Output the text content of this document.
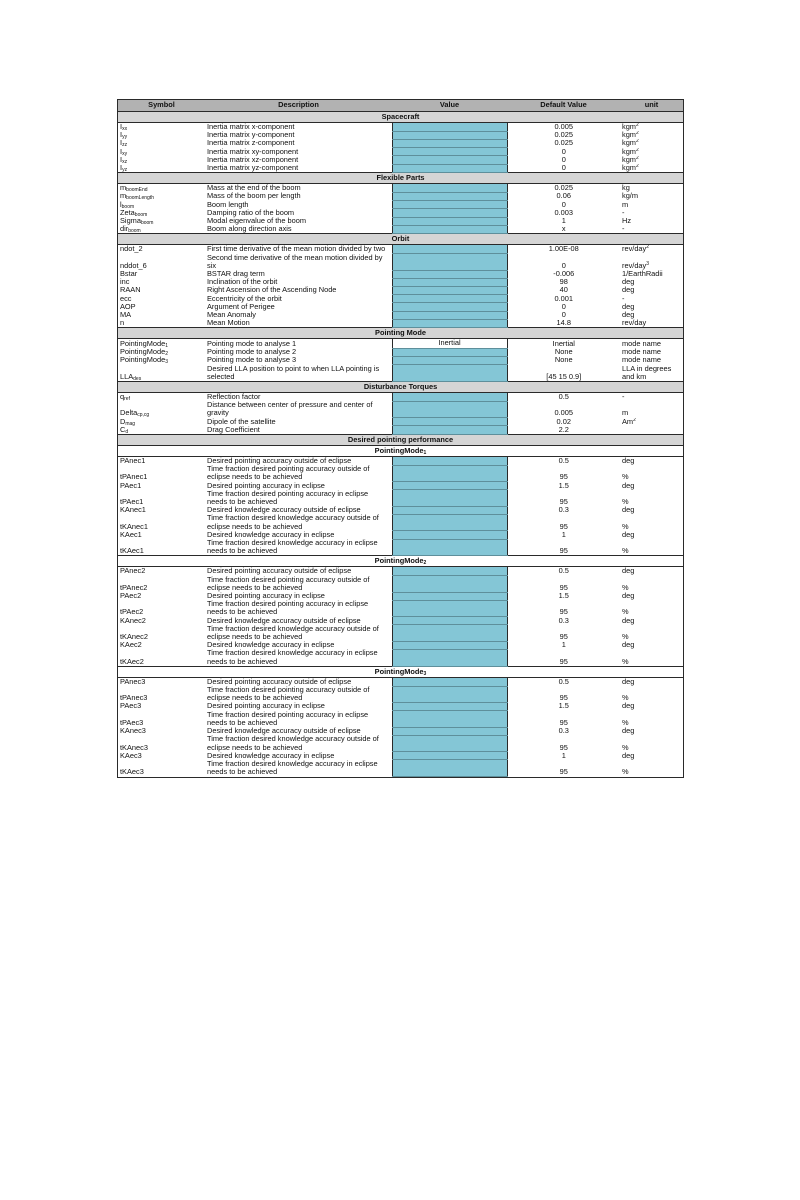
Symbol	Description	Value	Default Value	unit
Spacecraft				
$I_{xx}$	Inertia matrix x-component		0.005	kgm$^2$
$I_{yy}$	Inertia matrix y-component		0.025	kgm$^2$
$I_{zz}$	Inertia matrix z-component		0.025	kgm$^2$
$I_{xy}$	Inertia matrix xy-component		0	kgm$^2$
$I_{xz}$	Inertia matrix xz-component		0	kgm$^2$
$I_{yz}$	Inertia matrix yz-component		0	kgm$^2$
Flexible Parts				
$m_{boomEnd}$	Mass at the end of the boom		0.025	kg
$m_{boomLength}$	Mass of the boom per length		0.06	kg/m
$l_{boom}$	Boom length		0	m
Zeta$_{boom}$	Damping ratio of the boom		0.003	-
Sigma$_{boom}$	Modal eigenvalue of the boom		1	Hz
dir$_{boom}$	Boom along direction axis		x	-
Orbit				
ndot_2	First time derivative of the mean motion divided by two		1.00E-08	rev/day$^2$
nddot_6	Second time derivative of the mean motion divided by six		0	rev/day$^3$
Bstar	BSTAR drag term		-0.006	1/EarthRadii
inc	Inclination of the orbit		98	deg
RAAN	Right Ascension of the Ascending Node		40	deg
ecc	Eccentricity of the orbit		0.001	-
AOP	Argument of Perigee		0	deg
MA	Mean Anomaly		0	deg
n	Mean Motion		14.8	rev/day
Pointing Mode				
PointingMode$_1$	Pointing mode to analyse 1	Inertial	Inertial	mode name
PointingMode$_2$	Pointing mode to analyse 2		None	mode name
PointingMode$_3$	Pointing mode to analyse 3		None	mode name
$LLA_{des}$	Desired LLA position to point to when LLA pointing is selected		[45 15 0.9]	LLA in degrees and km
Disturbance Torques				
$q_{ref}$	Reflection factor		0.5	-
Delta$_{cp,cg}$	Distance between center of pressure and center of gravity		0.005	m
$D_{mag}$	Dipole of the satellite		0.02	Am$^2$
$C_d$	Drag Coefficient		2.2	
Desired pointing performance				
PointingMode$_1$
PAnec1	Desired pointing accuracy outside of eclipse		0.5	deg
tPAnec1	Time fraction desired pointing accuracy outside of eclipse needs to be achieved		95	%
PAec1	Desired pointing accuracy in eclipse		1.5	deg
tPAec1	Time fraction desired pointing accuracy in eclipse needs to be achieved		95	%
KAnec1	Desired knowledge accuracy outside of eclipse		0.3	deg
tKAnec1	Time fraction desired knowledge accuracy outside of eclipse needs to be achieved		95	%
KAec1	Desired knowledge accuracy in eclipse		1	deg
tKAec1	Time fraction desired knowledge accuracy in eclipse needs to be achieved		95	%
PointingMode$_2$
PAnec2	Desired pointing accuracy outside of eclipse		0.5	deg
tPAnec2	Time fraction desired pointing accuracy outside of eclipse needs to be achieved		95	%
PAec2	Desired pointing accuracy in eclipse		1.5	deg
tPAec2	Time fraction desired pointing accuracy in eclipse needs to be achieved		95	%
KAnec2	Desired knowledge accuracy outside of eclipse		0.3	deg
tKAnec2	Time fraction desired knowledge accuracy outside of eclipse needs to be achieved		95	%
KAec2	Desired knowledge accuracy in eclipse		1	deg
tKAec2	Time fraction desired knowledge accuracy in eclipse needs to be achieved		95	%
PointingMode$_3$
PAnec3	Desired pointing accuracy outside of eclipse		0.5	deg
tPAnec3	Time fraction desired pointing accuracy outside of eclipse needs to be achieved		95	%
PAec3	Desired pointing accuracy in eclipse		1.5	deg
tPAec3	Time fraction desired pointing accuracy in eclipse needs to be achieved		95	%
KAnec3	Desired knowledge accuracy outside of eclipse		0.3	deg
tKAnec3	Time fraction desired knowledge accuracy outside of eclipse needs to be achieved		95	%
KAec3	Desired knowledge accuracy in eclipse		1	deg
tKAec3	Time fraction desired knowledge accuracy in eclipse needs to be achieved		95	%
